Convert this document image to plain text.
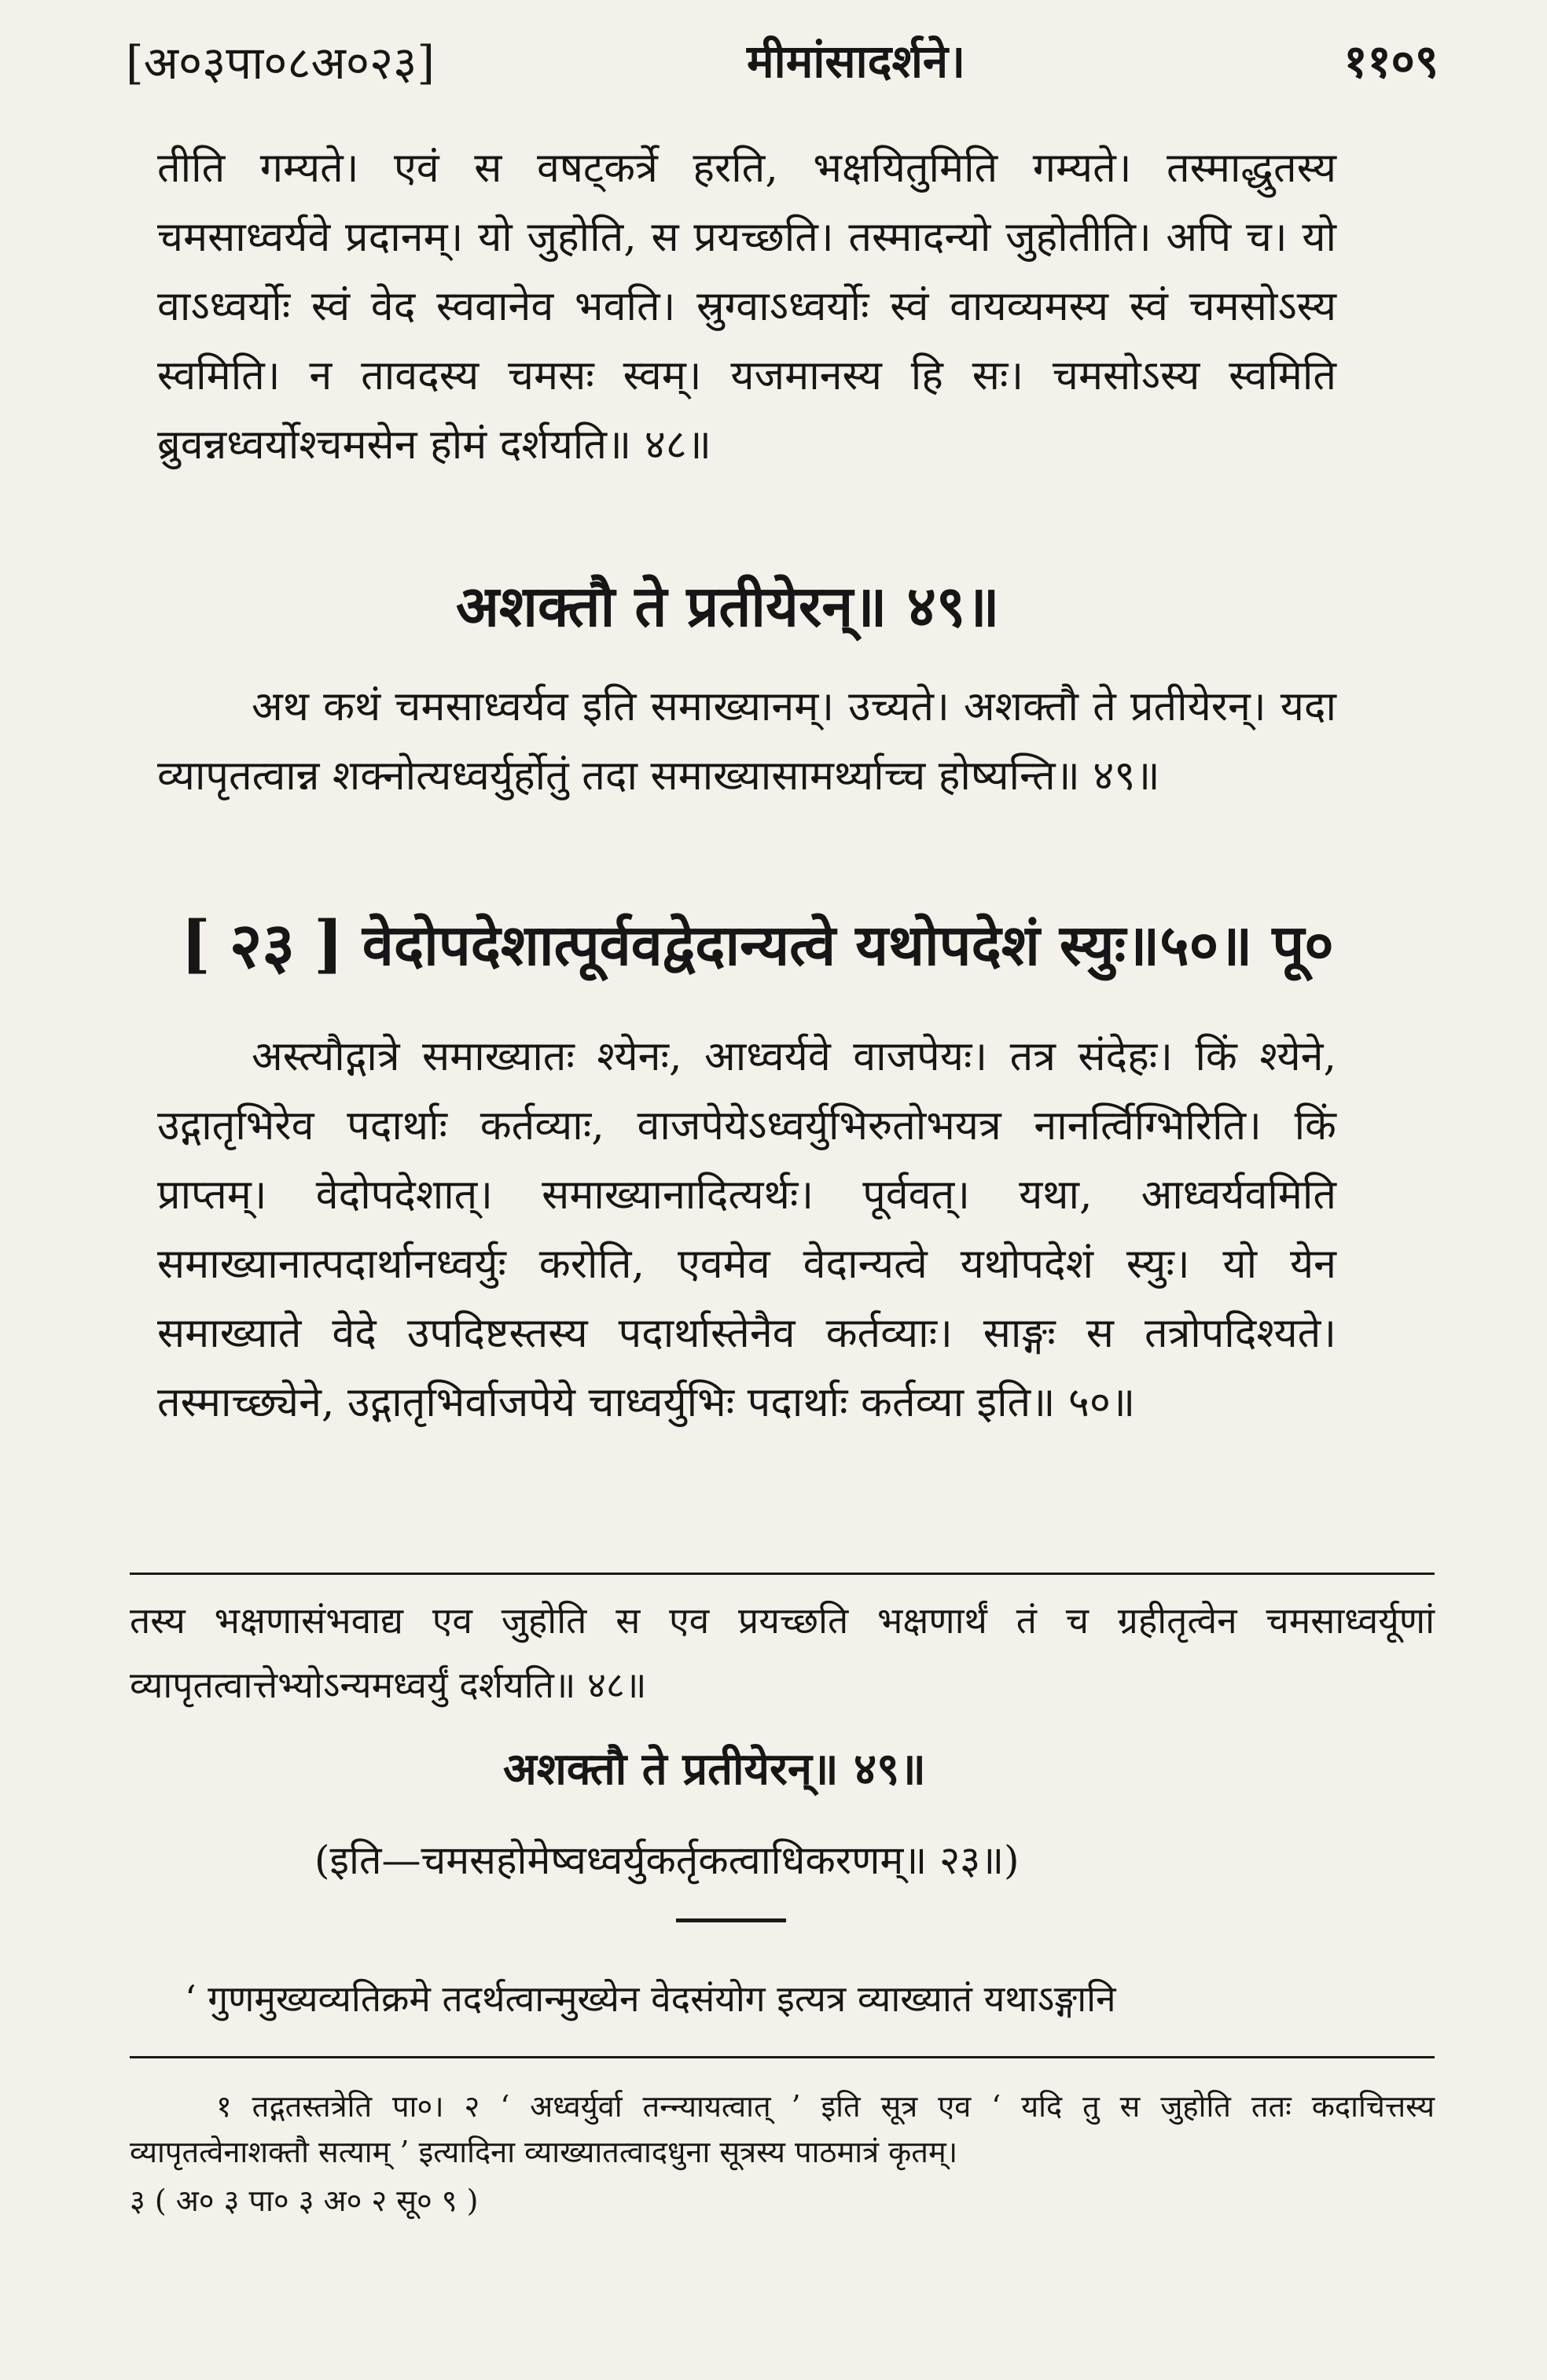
[अ०३पा०८अ०२३]	मीमांसादर्शने।	११०९

तीति गम्यते। एवं स वषट्कर्त्रे हरति, भक्षयितुमिति गम्यते। तस्माद्धुतस्य चमसाध्वर्यवे प्रदानम्। यो जुहोति, स प्रयच्छति। तस्मादन्यो जुहोतीति। अपि च। यो वाऽध्वर्योः स्वं वेद स्ववानेव भवति। स्रुग्वाऽध्वर्योः स्वं वायव्यमस्य स्वं चमसोऽस्य स्वमिति। न तावदस्य चमसः स्वम्। यजमानस्य हि सः। चमसोऽस्य स्वमिति ब्रुवन्नध्वर्योश्चमसेन होमं दर्शयति॥ ४८॥

अशक्तौ ते प्रतीयेरन्॥ ४९॥

अथ कथं चमसाध्वर्यव इति समाख्यानम्। उच्यते। अशक्तौ ते प्रतीयेरन्। यदा व्यापृतत्वान्न शक्नोत्यध्वर्युर्होतुं तदा समाख्यासामर्थ्याच्च होष्यन्ति॥ ४९॥

[ २३ ] वेदोपदेशात्पूर्ववद्वेदान्यत्वे यथोपदेशं स्युः॥५०॥ पू०

अस्त्यौद्गात्रे समाख्यातः श्येनः, आध्वर्यवे वाजपेयः। तत्र संदेहः। किं श्येने, उद्गातृभिरेव पदार्थाः कर्तव्याः, वाजपेयेऽध्वर्युभिरुतोभयत्र नानर्त्विग्भिरिति। किं प्राप्तम्। वेदोपदेशात्। समाख्यानादित्यर्थः। पूर्ववत्। यथा, आध्वर्यवमिति समाख्यानात्पदार्थानध्वर्युः करोति, एवमेव वेदान्यत्वे यथोपदेशं स्युः। यो येन समाख्याते वेदे उपदिष्टस्तस्य पदार्थास्तेनैव कर्तव्याः। साङ्गः स तत्रोपदिश्यते। तस्माच्छ्येने, उद्गातृभिर्वाजपेये चाध्वर्युभिः पदार्थाः कर्तव्या इति॥ ५०॥

तस्य भक्षणासंभवाद्य एव जुहोति स एव प्रयच्छति भक्षणार्थं तं च ग्रहीतृत्वेन चमसाध्वर्यूणां व्यापृतत्वात्तेभ्योऽन्यमध्वर्युं दर्शयति॥ ४८॥

अशक्तौ ते प्रतीयेरन्॥ ४९॥
(इति—चमसहोमेष्वध्वर्युकर्तृकत्वाधिकरणम्॥ २३॥)
‘ गुणमुख्यव्यतिक्रमे तदर्थत्वान्मुख्येन वेदसंयोग इत्यत्र व्याख्यातं यथाऽङ्गानि

१ तद्गतस्तत्रेति पा०। २ ‘ अध्वर्युर्वा तन्न्यायत्वात् ’ इति सूत्र एव ‘ यदि तु स जुहोति ततः कदाचित्तस्य व्यापृतत्वेनाशक्तौ सत्याम् ’ इत्यादिना व्याख्यातत्वादधुना सूत्रस्य पाठमात्रं कृतम्।

३ ( अ० ३ पा० ३ अ० २ सू० ९ )
